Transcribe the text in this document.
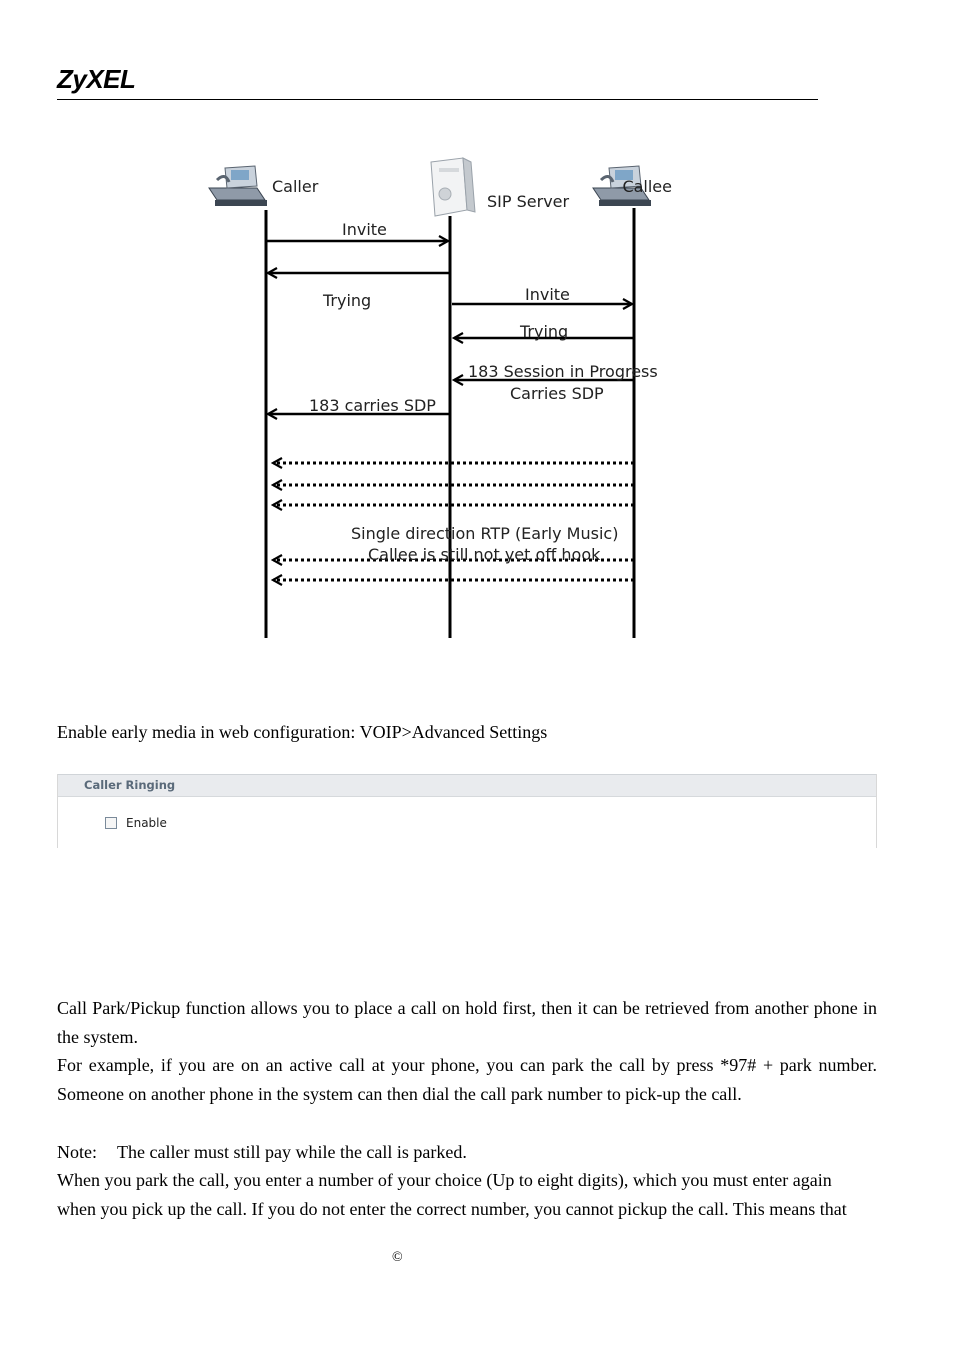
ZyXEL
Caller
SIP Server
Callee
Invite
Trying	Invite
Trying
183 Session in Progress
Carries SDP
183 carries SDP
Single direction RTP (Early Music)
Callee is still not yet off hook
Enable early media in web configuration: VOIP>Advanced Settings
Caller Ringing
Enable
Call Park/Pickup function allows you to place a call on hold first, then it can be retrieved from another phone in the system.
For example, if you are on an active call at your phone, you can park the call by press *97# + park number. Someone on another phone in the system can then dial the call park number to pick-up the call.
Note: The caller must still pay while the call is parked.
When you park the call, you enter a number of your choice (Up to eight digits), which you must enter again when you pick up the call. If you do not enter the correct number, you cannot pickup the call. This means that
©
